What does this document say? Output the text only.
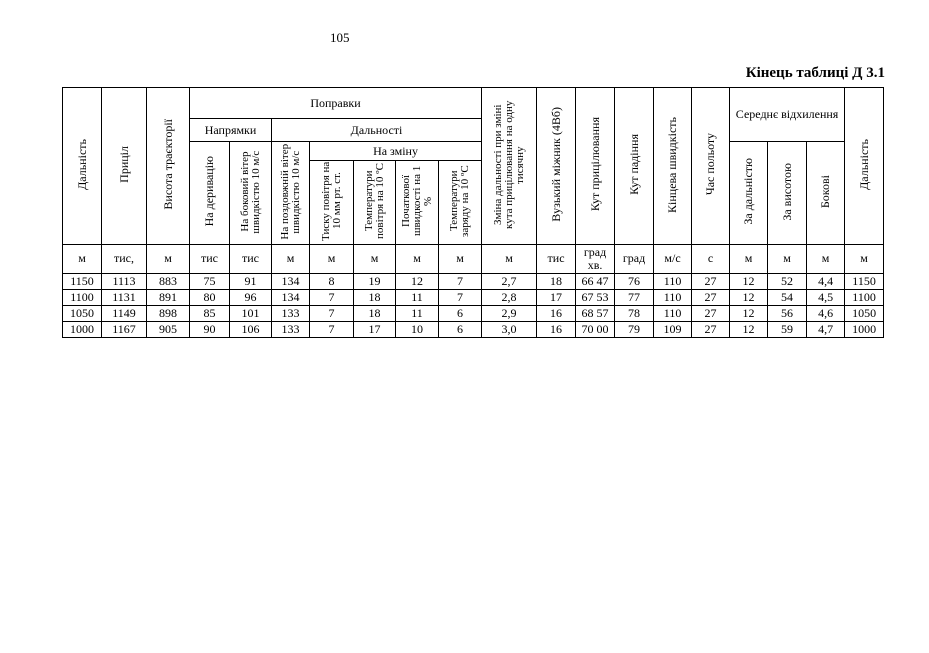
105
Кінець таблиці Д 3.1
Дальність	Приціл	Висота траєкторії	Поправки							Зміна дальності при зміні кута прицілювання на одну тисячну	Вузький міжник (4Вб)	Кут прицілювання	Кут падіння	Кінцева швидкість	Час польоту	Середнє відхилення			Дальність
			Напрямки		Дальності														
			На деривацію	На боковий вітер швидкістю 10 м/с	На поздовжній вітер швидкістю 10 м/с	На зміну										За дальністю	За висотою	Бокові	
						Тиску повітря на 10 мм рт. ст.	Температури повітря на 10 ºС	Початкової швидкості на 1 %	Температури заряду на 10 ºС										
м	тис,	м	тис	тис	м	м	м	м	м	м	тис	град хв.	град	м/с	с	м	м	м	м
1150	1113	883	75	91	134	8	19	12	7	2,7	18	66 47	76	110	27	12	52	4,4	1150
1100	1131	891	80	96	134	7	18	11	7	2,8	17	67 53	77	110	27	12	54	4,5	1100
1050	1149	898	85	101	133	7	18	11	6	2,9	16	68 57	78	110	27	12	56	4,6	1050
1000	1167	905	90	106	133	7	17	10	6	3,0	16	70 00	79	109	27	12	59	4,7	1000
